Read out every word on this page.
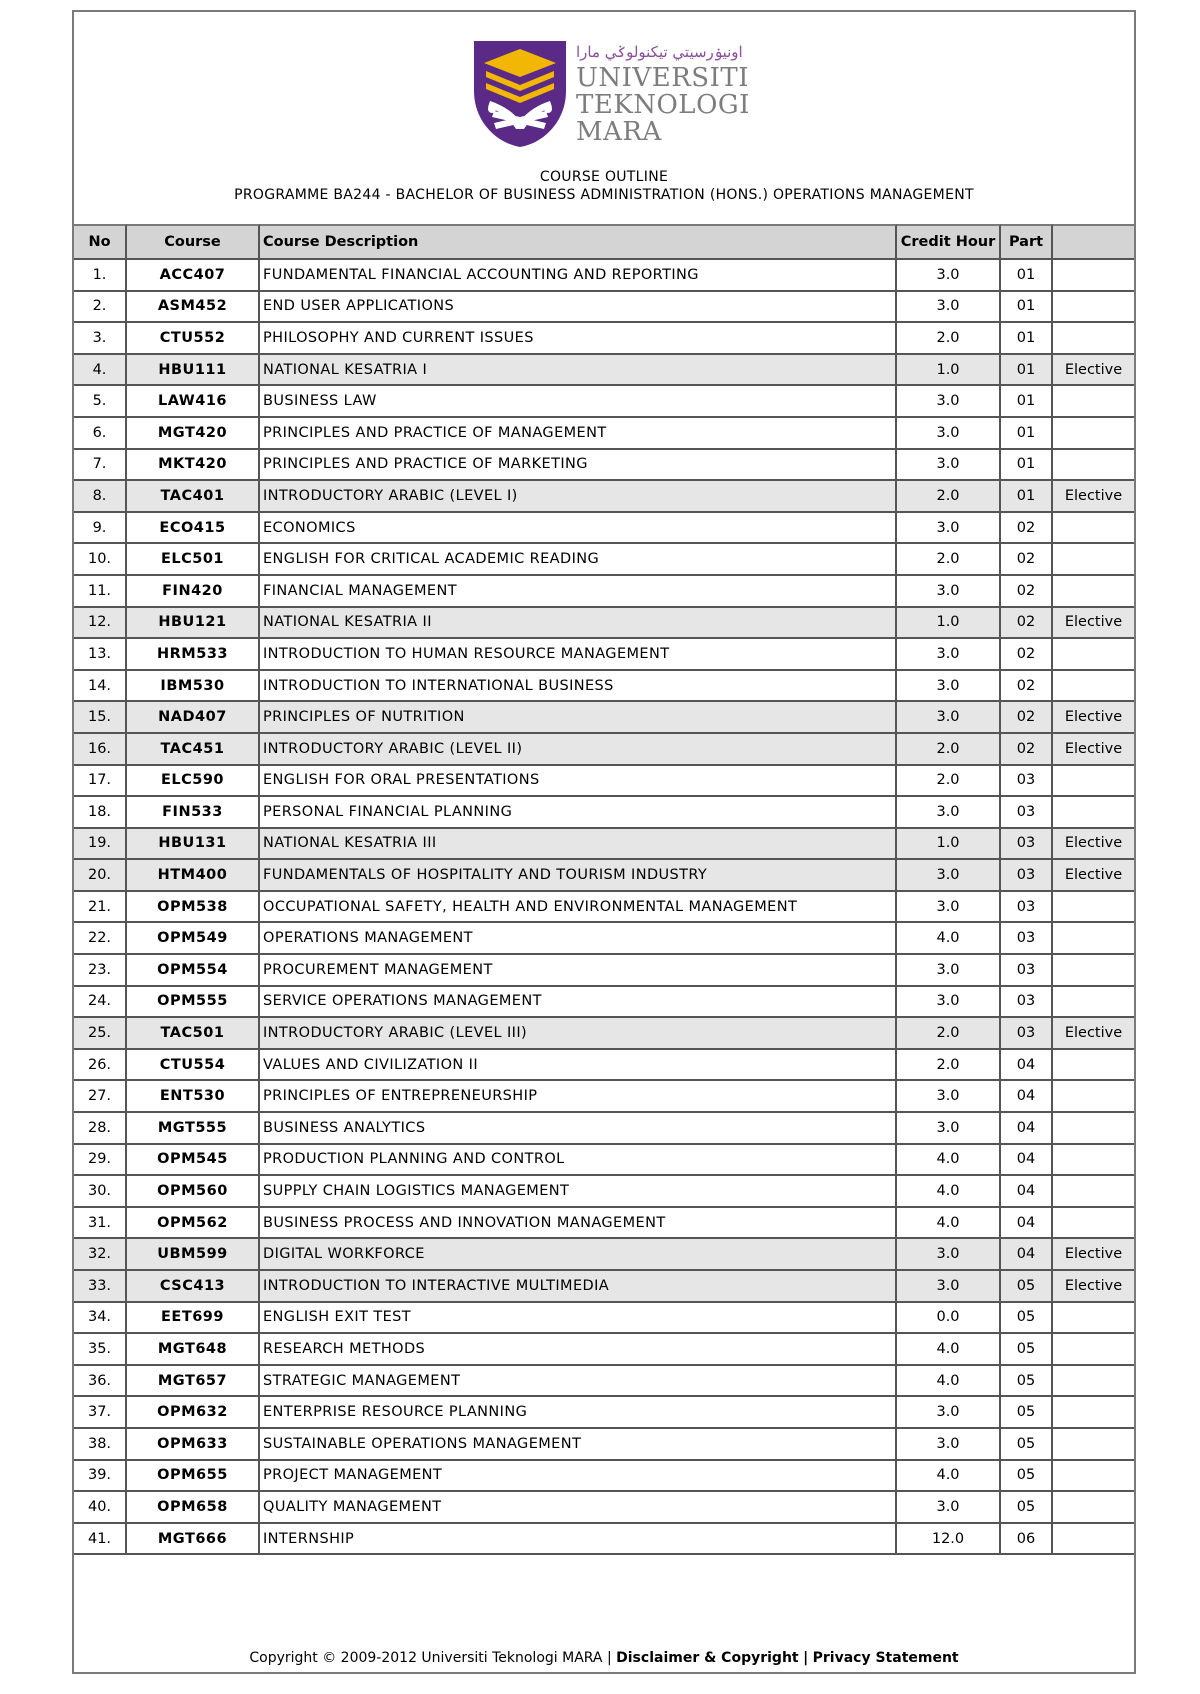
اونيۏرسيتي تيكنولوݢي مارا
UNIVERSITI
TEKNOLOGI
MARA
COURSE OUTLINE
PROGRAMME BA244 - BACHELOR OF BUSINESS ADMINISTRATION (HONS.) OPERATIONS MANAGEMENT
No	Course	Course Description	Credit Hour	Part	
1.	ACC407	FUNDAMENTAL FINANCIAL ACCOUNTING AND REPORTING	3.0	01	
2.	ASM452	END USER APPLICATIONS	3.0	01	
3.	CTU552	PHILOSOPHY AND CURRENT ISSUES	2.0	01	
4.	HBU111	NATIONAL KESATRIA I	1.0	01	Elective
5.	LAW416	BUSINESS LAW	3.0	01	
6.	MGT420	PRINCIPLES AND PRACTICE OF MANAGEMENT	3.0	01	
7.	MKT420	PRINCIPLES AND PRACTICE OF MARKETING	3.0	01	
8.	TAC401	INTRODUCTORY ARABIC (LEVEL I)	2.0	01	Elective
9.	ECO415	ECONOMICS	3.0	02	
10.	ELC501	ENGLISH FOR CRITICAL ACADEMIC READING	2.0	02	
11.	FIN420	FINANCIAL MANAGEMENT	3.0	02	
12.	HBU121	NATIONAL KESATRIA II	1.0	02	Elective
13.	HRM533	INTRODUCTION TO HUMAN RESOURCE MANAGEMENT	3.0	02	
14.	IBM530	INTRODUCTION TO INTERNATIONAL BUSINESS	3.0	02	
15.	NAD407	PRINCIPLES OF NUTRITION	3.0	02	Elective
16.	TAC451	INTRODUCTORY ARABIC (LEVEL II)	2.0	02	Elective
17.	ELC590	ENGLISH FOR ORAL PRESENTATIONS	2.0	03	
18.	FIN533	PERSONAL FINANCIAL PLANNING	3.0	03	
19.	HBU131	NATIONAL KESATRIA III	1.0	03	Elective
20.	HTM400	FUNDAMENTALS OF HOSPITALITY AND TOURISM INDUSTRY	3.0	03	Elective
21.	OPM538	OCCUPATIONAL SAFETY, HEALTH AND ENVIRONMENTAL MANAGEMENT	3.0	03	
22.	OPM549	OPERATIONS MANAGEMENT	4.0	03	
23.	OPM554	PROCUREMENT MANAGEMENT	3.0	03	
24.	OPM555	SERVICE OPERATIONS MANAGEMENT	3.0	03	
25.	TAC501	INTRODUCTORY ARABIC (LEVEL III)	2.0	03	Elective
26.	CTU554	VALUES AND CIVILIZATION II	2.0	04	
27.	ENT530	PRINCIPLES OF ENTREPRENEURSHIP	3.0	04	
28.	MGT555	BUSINESS ANALYTICS	3.0	04	
29.	OPM545	PRODUCTION PLANNING AND CONTROL	4.0	04	
30.	OPM560	SUPPLY CHAIN LOGISTICS MANAGEMENT	4.0	04	
31.	OPM562	BUSINESS PROCESS AND INNOVATION MANAGEMENT	4.0	04	
32.	UBM599	DIGITAL WORKFORCE	3.0	04	Elective
33.	CSC413	INTRODUCTION TO INTERACTIVE MULTIMEDIA	3.0	05	Elective
34.	EET699	ENGLISH EXIT TEST	0.0	05	
35.	MGT648	RESEARCH METHODS	4.0	05	
36.	MGT657	STRATEGIC MANAGEMENT	4.0	05	
37.	OPM632	ENTERPRISE RESOURCE PLANNING	3.0	05	
38.	OPM633	SUSTAINABLE OPERATIONS MANAGEMENT	3.0	05	
39.	OPM655	PROJECT MANAGEMENT	4.0	05	
40.	OPM658	QUALITY MANAGEMENT	3.0	05	
41.	MGT666	INTERNSHIP	12.0	06	
Copyright © 2009-2012 Universiti Teknologi MARA | Disclaimer & Copyright | Privacy Statement
